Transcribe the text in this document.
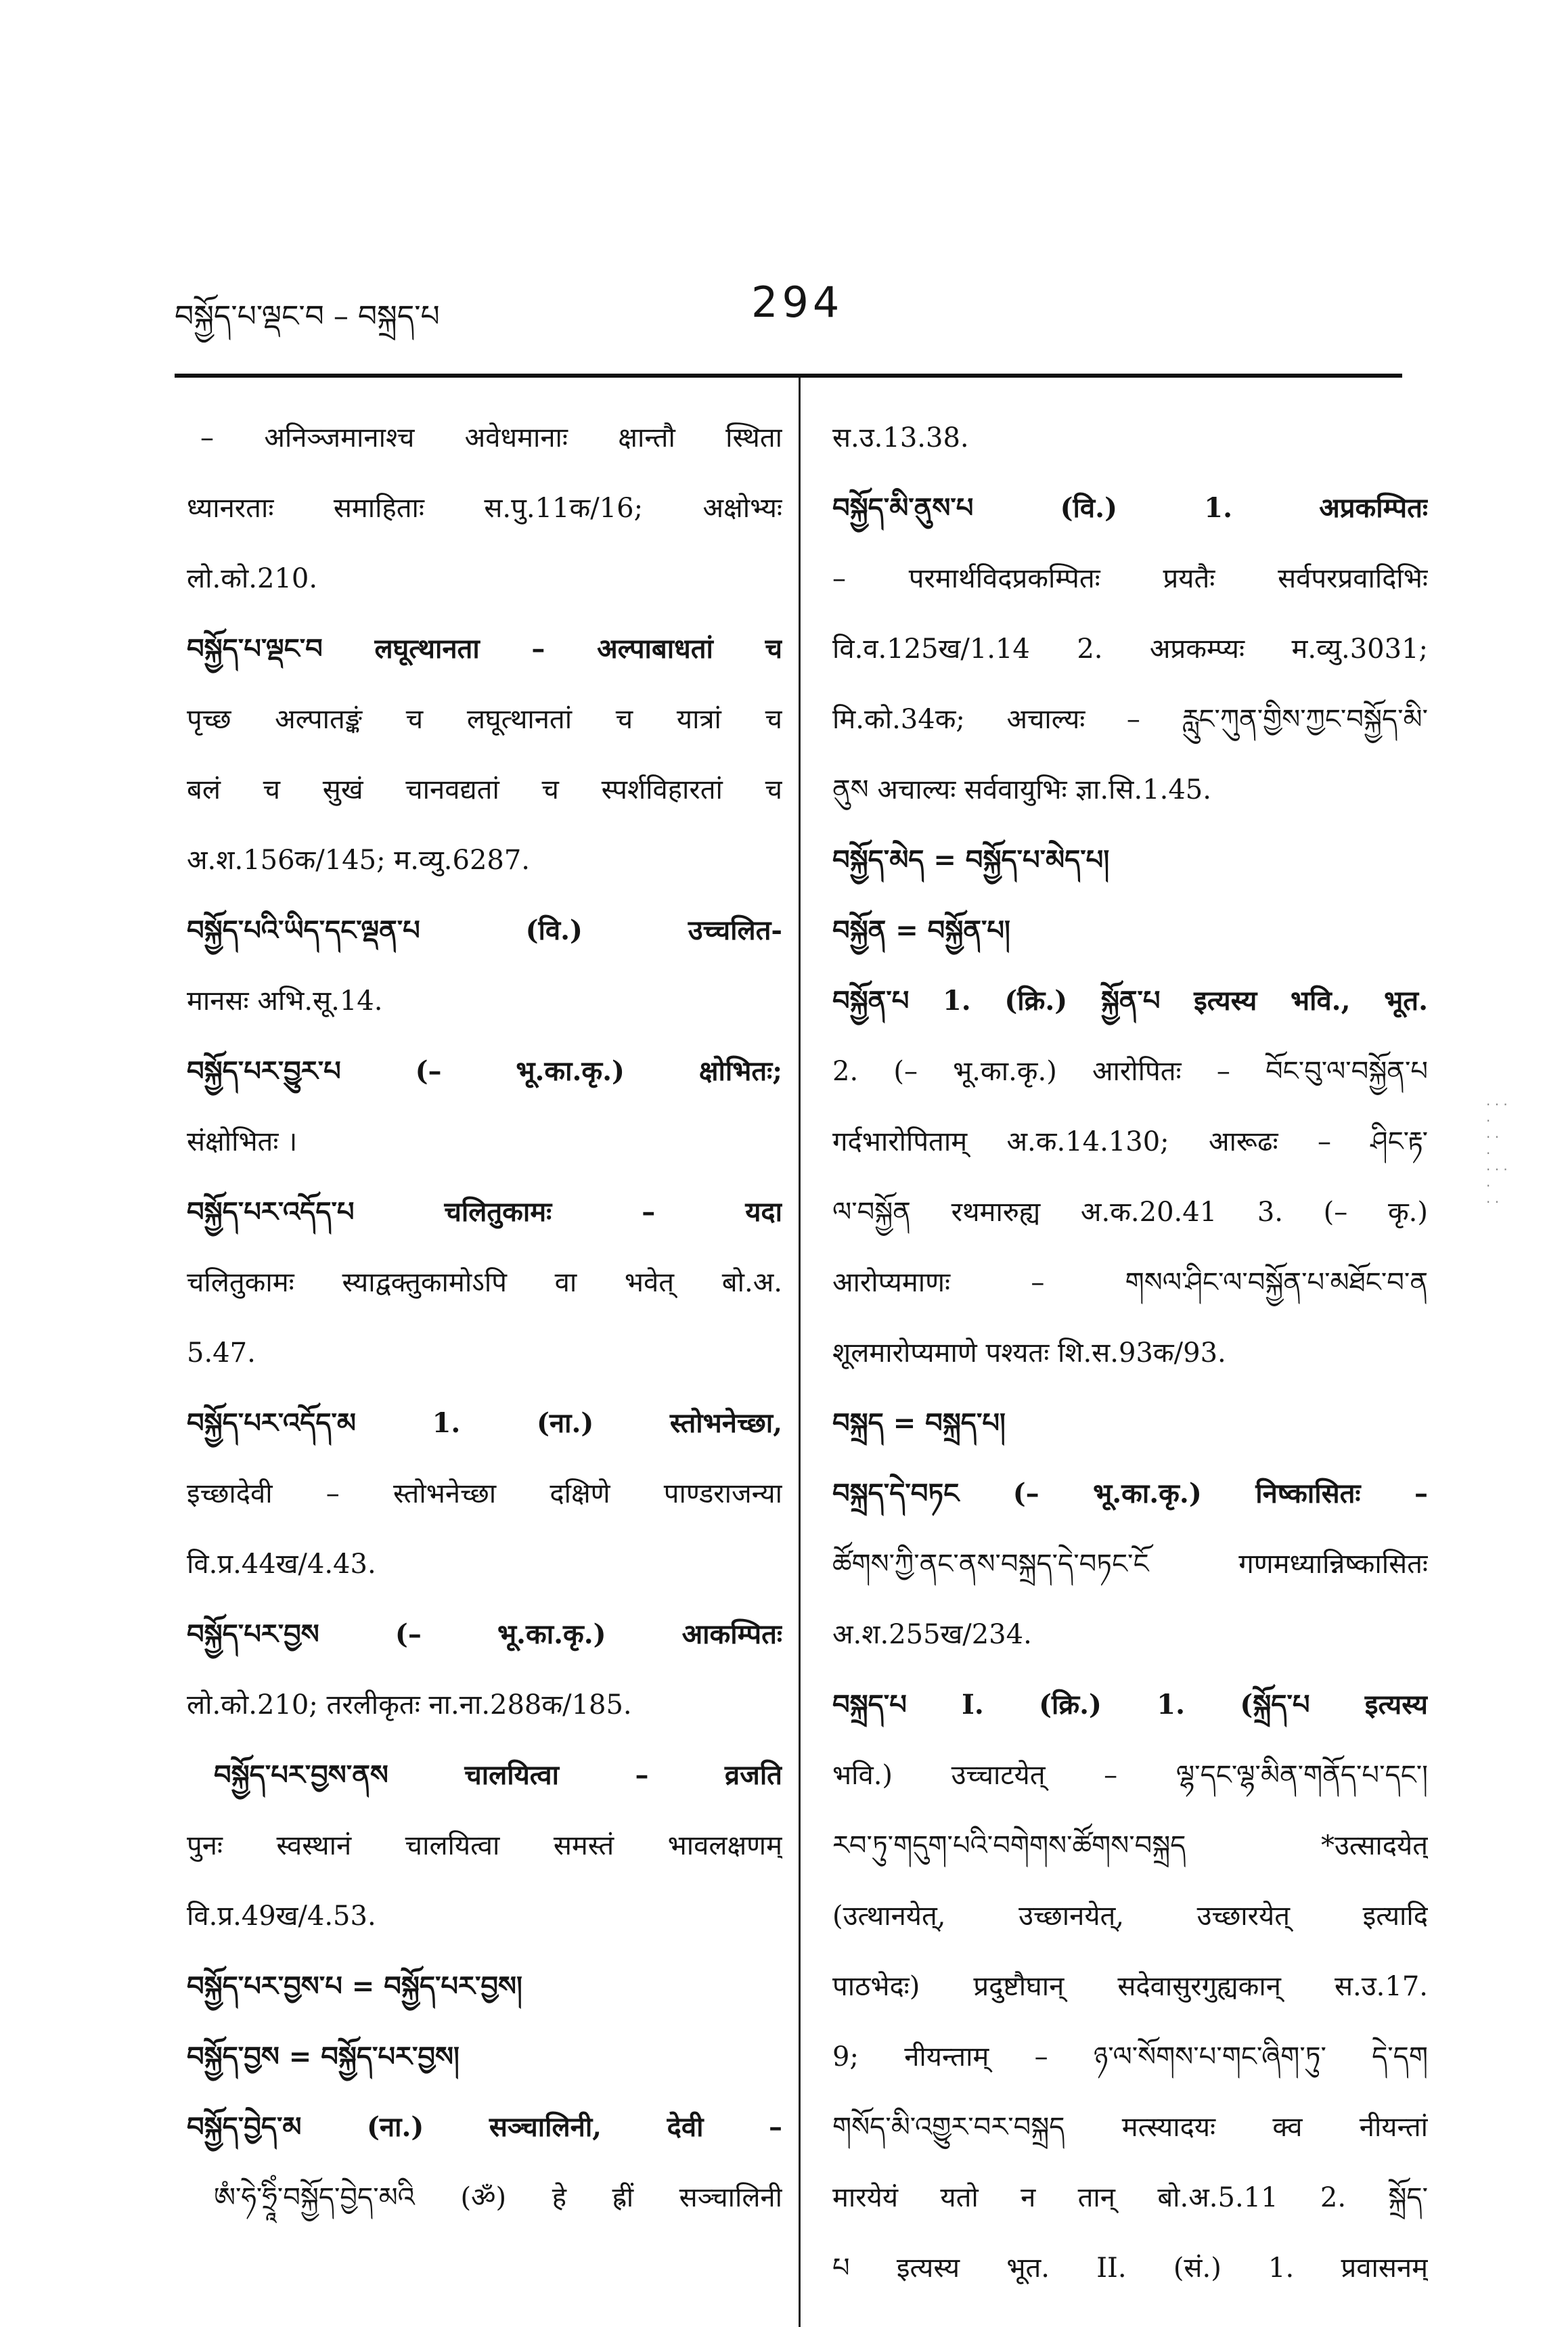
བསྐྱོད་པ་ལྡང་བ – བསྐྲད་པ	294
– अनिञ्जमानाश्च अवेधमानाः क्षान्तौ स्थिता
ध्यानरताः समाहिताः स.पु.11क/16; अक्षोभ्यः
लो.को.210.
བསྐྱོད་པ་ལྡང་བ लघूत्थानता – अल्पाबाधतां च
पृच्छ अल्पातङ्कं च लघूत्थानतां च यात्रां च
बलं च सुखं चानवद्यतां च स्पर्शविहारतां च
अ.श.156क/145; म.व्यु.6287.
བསྐྱོད་པའི་ཡིད་དང་ལྡན་པ (वि.) उच्चलित-
मानसः अभि.सू.14.
བསྐྱོད་པར་བྱུར་པ (– भू.का.कृ.) क्षोभितः;
संक्षोभितः ।
བསྐྱོད་པར་འདོད་པ चलितुकामः – यदा
चलितुकामः स्याद्वक्तुकामोऽपि वा भवेत् बो.अ.
5.47.
བསྐྱོད་པར་འདོད་མ 1. (ना.) स्तोभनेच्छा,
इच्छादेवी – स्तोभनेच्छा दक्षिणे पाण्डराजन्या
वि.प्र.44ख/4.43.
བསྐྱོད་པར་བྱས (– भू.का.कृ.) आकम्पितः
लो.को.210; तरलीकृतः ना.ना.288क/185.
བསྐྱོད་པར་བྱས་ནས चालयित्वा – व्रजति
पुनः स्वस्थानं चालयित्वा समस्तं भावलक्षणम्
वि.प्र.49ख/4.53.
བསྐྱོད་པར་བྱས་པ = བསྐྱོད་པར་བྱས།
བསྐྱོད་བྱས = བསྐྱོད་པར་བྱས།
བསྐྱོད་བྱེད་མ (ना.) सञ्चालिनी, देवी –
ཨཾ་ཧེ་ཧྲཱིཾ་བསྐྱོད་བྱེད་མའི (ॐ) हे ह्रीं सञ्चालिनी
स.उ.13.38.
བསྐྱོད་མི་ནུས་པ (वि.) 1. अप्रकम्पितः
– परमार्थविदप्रकम्पितः प्रयतैः सर्वपरप्रवादिभिः
वि.व.125ख/1.14 2. अप्रकम्प्यः म.व्यु.3031;
मि.को.34क; अचाल्यः – རླུང་ཀུན་གྱིས་ཀྱང་བསྐྱོད་མི་
ནུས अचाल्यः सर्ववायुभिः ज्ञा.सि.1.45.
བསྐྱོད་མེད = བསྐྱོད་པ་མེད་པ།
བསྐྱོན = བསྐྱོན་པ།
བསྐྱོན་པ 1. (क्रि.) སྐྱོན་པ इत्यस्य भवि., भूत.
2. (– भू.का.कृ.) आरोपितः – བོང་བུ་ལ་བསྐྱོན་པ
गर्दभारोपिताम् अ.क.14.130; आरूढः – ཤིང་རྟ་
ལ་བསྐྱོན रथमारुह्य अ.क.20.41 3. (– कृ.)
आरोप्यमाणः – གསལ་ཤིང་ལ་བསྐྱོན་པ་མཐོང་བ་ན
शूलमारोप्यमाणे पश्यतः शि.स.93क/93.
བསྐྲད = བསྐྲད་པ།
བསྐྲད་དེ་བཏང (– भू.का.कृ.) निष्कासितः –
ཚོགས་ཀྱི་ནང་ནས་བསྐྲད་དེ་བཏང་ངོ गणमध्यान्निष्कासितः
अ.श.255ख/234.
བསྐྲད་པ I. (क्रि.) 1. (སྐྲོད་པ इत्यस्य
भवि.) उच्चाटयेत् – ལྷ་དང་ལྷ་མིན་གནོད་པ་དང་།
རབ་ཏུ་གདུག་པའི་བགེགས་ཚོགས་བསྐྲད *उत्सादयेत्
(उत्थानयेत्, उच्छानयेत्, उच्छारयेत् इत्यादि
पाठभेदः) प्रदुष्टौघान् सदेवासुरगुह्यकान् स.उ.17.
9; नीयन्ताम् – ཉ་ལ་སོགས་པ་གང་ཞིག་ཏུ་ དེ་དག
གསོད་མི་འགྱུར་བར་བསྐྲད मत्स्यादयः क्व नीयन्तां
मारयेयं यतो न तान् बो.अ.5.11 2. སྐྲོད་
པ इत्यस्य भूत. II. (सं.) 1. प्रवासनम्
· · ·
·
· ·
·
· · ·
·
· ·
